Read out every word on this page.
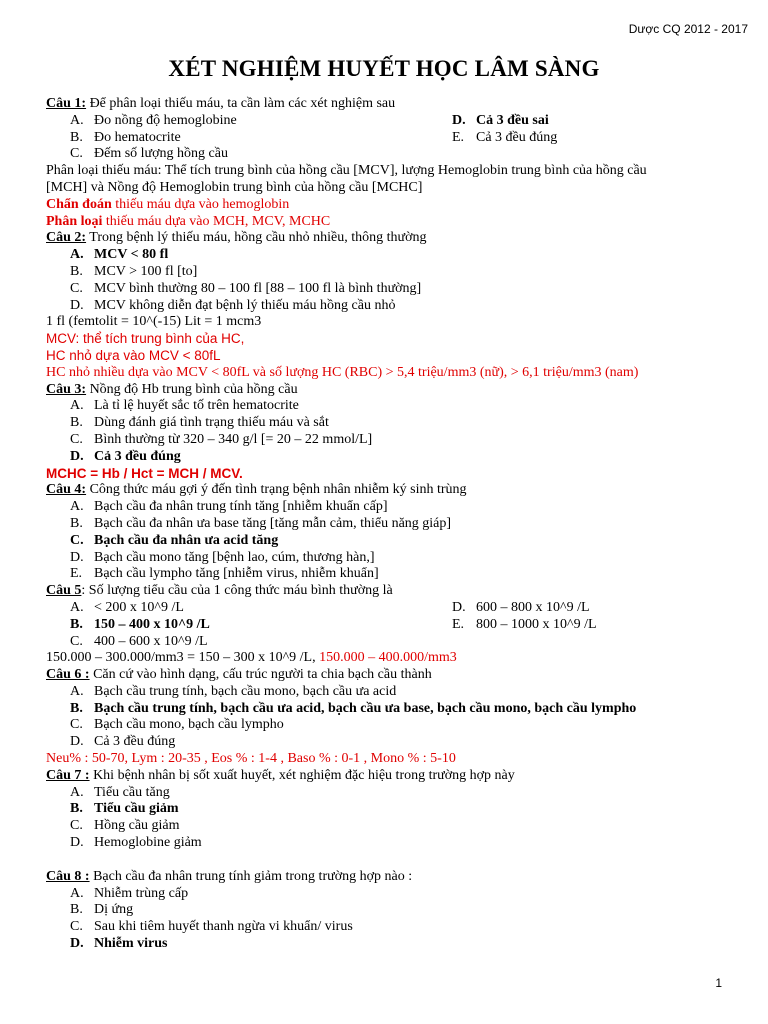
Dược CQ 2012 - 2017
XÉT NGHIỆM HUYẾT HỌC LÂM SÀNG
Câu 1: Để phân loại thiếu máu, ta cần làm các xét nghiệm sau
A. Đo nồng độ hemoglobine	D. Cả 3 đều sai
B. Đo hematocrite	E. Cả 3 đều đúng
C. Đếm số lượng hồng cầu
Phân loại thiếu máu: Thể tích trung bình của hồng cầu [MCV], lượng Hemoglobin trung bình của hồng cầu
[MCH] và Nồng độ Hemoglobin trung bình của hồng cầu [MCHC]
Chẩn đoán thiếu máu dựa vào hemoglobin
Phân loại thiếu máu dựa vào MCH, MCV, MCHC
Câu 2: Trong bệnh lý thiếu máu, hồng cầu nhỏ nhiều, thông thường
A. MCV < 80 fl
B. MCV > 100 fl [to]
C. MCV bình thường 80 – 100 fl [88 – 100 fl là bình thường]
D. MCV không diễn đạt bệnh lý thiếu máu hồng cầu nhỏ
1 fl (femtolit = 10^(-15) Lit = 1 mcm3
MCV: thể tích trung bình của HC,
HC nhỏ dựa vào MCV < 80fL
HC nhỏ nhiều dựa vào MCV < 80fL và số lượng HC (RBC) > 5,4 triệu/mm3 (nữ), > 6,1 triệu/mm3 (nam)
Câu 3: Nồng độ Hb trung bình của hồng cầu
A. Là tỉ lệ huyết sắc tố trên hematocrite
B. Dùng đánh giá tình trạng thiếu máu và sắt
C. Bình thường từ 320 – 340 g/l [= 20 – 22 mmol/L]
D. Cả 3 đều đúng
MCHC = Hb / Hct = MCH / MCV.
Câu 4: Công thức máu gợi ý đến tình trạng bệnh nhân nhiễm ký sinh trùng
A. Bạch cầu đa nhân trung tính tăng [nhiễm khuẩn cấp]
B. Bạch cầu đa nhân ưa base tăng [tăng mẫn cảm, thiểu năng giáp]
C. Bạch cầu đa nhân ưa acid tăng
D. Bạch cầu mono tăng [bệnh lao, cúm, thương hàn,]
E. Bạch cầu lympho tăng [nhiễm virus, nhiễm khuẩn]
Câu 5: Số lượng tiểu cầu của 1 công thức máu bình thường là
A. < 200 x 10^9 /L	D. 600 – 800 x 10^9 /L
B. 150 – 400 x 10^9 /L	E. 800 – 1000 x 10^9 /L
C. 400 – 600 x 10^9 /L
150.000 – 300.000/mm3 = 150 – 300 x 10^9 /L, 150.000 – 400.000/mm3
Câu 6 : Căn cứ vào hình dạng, cấu trúc người ta chia bạch cầu thành
A. Bạch cầu trung tính, bạch cầu mono, bạch cầu ưa acid
B. Bạch cầu trung tính, bạch cầu ưa acid, bạch cầu ưa base, bạch cầu mono, bạch cầu lympho
C. Bạch cầu mono, bạch cầu lympho
D. Cả 3 đều đúng
Neu% : 50-70, Lym : 20-35 , Eos % : 1-4 , Baso % : 0-1 , Mono % : 5-10
Câu 7 : Khi bệnh nhân bị sốt xuất huyết, xét nghiệm đặc hiệu trong trường hợp này
A. Tiểu cầu tăng
B. Tiểu cầu giảm
C. Hồng cầu giảm
D. Hemoglobine giảm
Câu 8 : Bạch cầu đa nhân trung tính giảm trong trường hợp nào :
A. Nhiễm trùng cấp
B. Dị ứng
C. Sau khi tiêm huyết thanh ngừa vi khuẩn/ virus
D. Nhiễm virus
1
